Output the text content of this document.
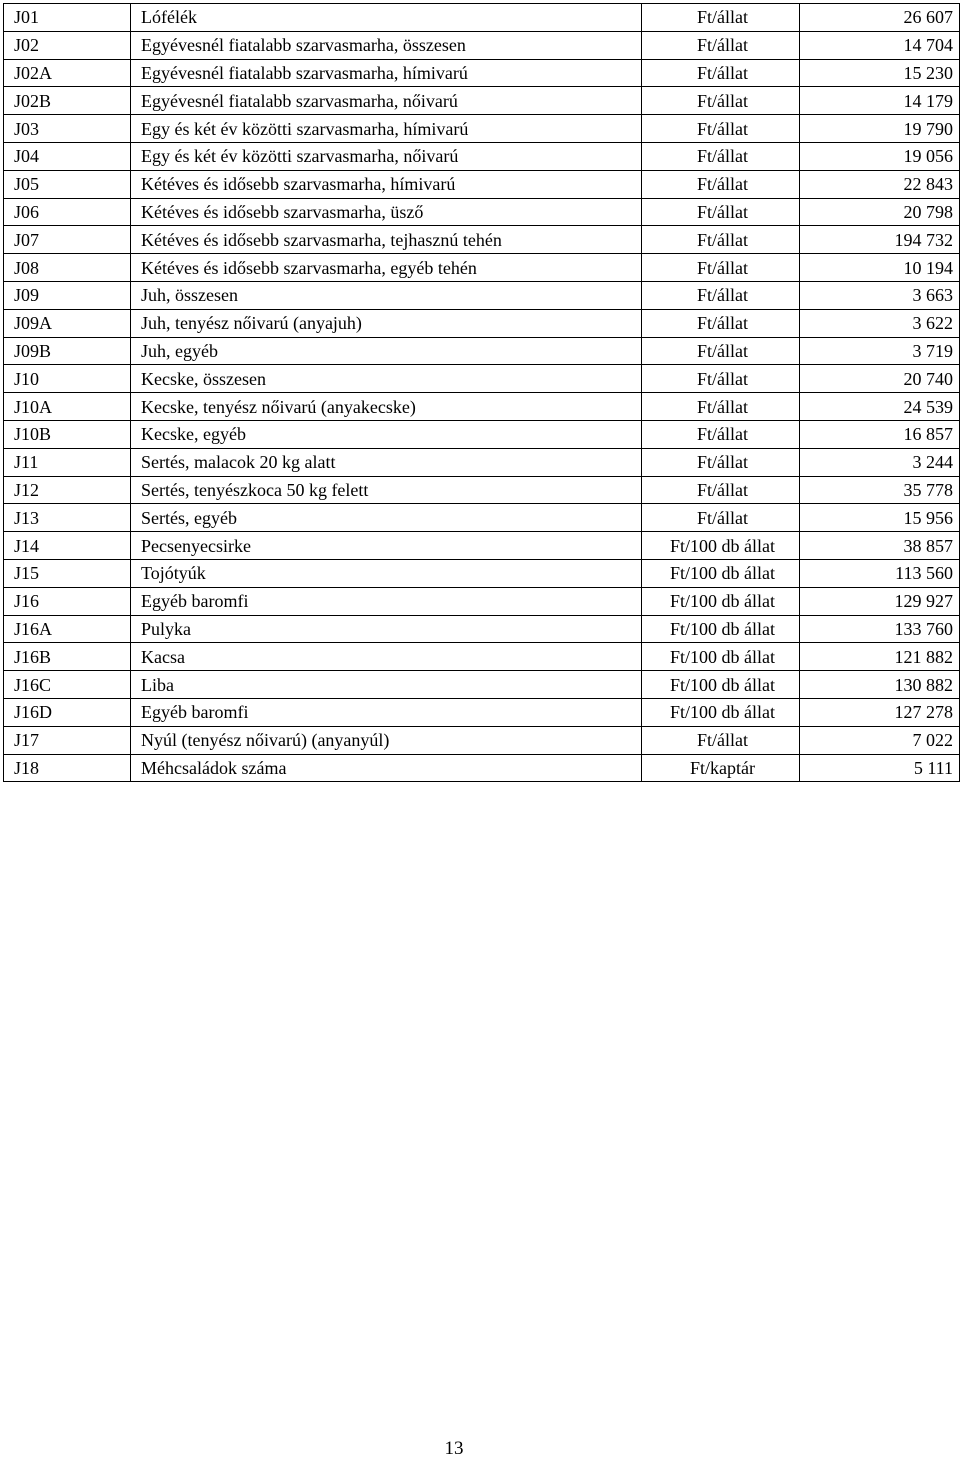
J01	Lófélék	Ft/állat	26 607
J02	Egyévesnél fiatalabb szarvasmarha, összesen	Ft/állat	14 704
J02A	Egyévesnél fiatalabb szarvasmarha, hímivarú	Ft/állat	15 230
J02B	Egyévesnél fiatalabb szarvasmarha, nőivarú	Ft/állat	14 179
J03	Egy és két év közötti szarvasmarha, hímivarú	Ft/állat	19 790
J04	Egy és két év közötti szarvasmarha, nőivarú	Ft/állat	19 056
J05	Kétéves és idősebb szarvasmarha, hímivarú	Ft/állat	22 843
J06	Kétéves és idősebb szarvasmarha, üsző	Ft/állat	20 798
J07	Kétéves és idősebb szarvasmarha, tejhasznú tehén	Ft/állat	194 732
J08	Kétéves és idősebb szarvasmarha, egyéb tehén	Ft/állat	10 194
J09	Juh, összesen	Ft/állat	3 663
J09A	Juh, tenyész nőivarú (anyajuh)	Ft/állat	3 622
J09B	Juh, egyéb	Ft/állat	3 719
J10	Kecske, összesen	Ft/állat	20 740
J10A	Kecske, tenyész nőivarú (anyakecske)	Ft/állat	24 539
J10B	Kecske, egyéb	Ft/állat	16 857
J11	Sertés, malacok 20 kg alatt	Ft/állat	3 244
J12	Sertés, tenyészkoca 50 kg felett	Ft/állat	35 778
J13	Sertés, egyéb	Ft/állat	15 956
J14	Pecsenyecsirke	Ft/100 db állat	38 857
J15	Tojótyúk	Ft/100 db állat	113 560
J16	Egyéb baromfi	Ft/100 db állat	129 927
J16A	Pulyka	Ft/100 db állat	133 760
J16B	Kacsa	Ft/100 db állat	121 882
J16C	Liba	Ft/100 db állat	130 882
J16D	Egyéb baromfi	Ft/100 db állat	127 278
J17	Nyúl (tenyész nőivarú) (anyanyúl)	Ft/állat	7 022
J18	Méhcsaládok száma	Ft/kaptár	5 111
13
